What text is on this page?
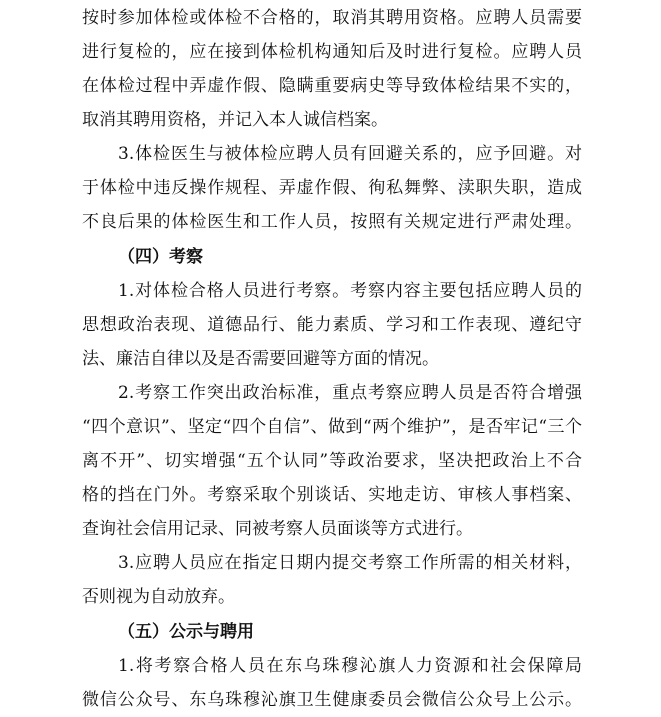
按时参加体检或体检不合格的，取消其聘用资格。应聘人员需要
进行复检的，应在接到体检机构通知后及时进行复检。应聘人员
在体检过程中弄虚作假、隐瞒重要病史等导致体检结果不实的，
取消其聘用资格，并记入本人诚信档案。
3.体检医生与被体检应聘人员有回避关系的，应予回避。对
于体检中违反操作规程、弄虚作假、徇私舞弊、渎职失职，造成
不良后果的体检医生和工作人员，按照有关规定进行严肃处理。
（四）考察
1.对体检合格人员进行考察。考察内容主要包括应聘人员的
思想政治表现、道德品行、能力素质、学习和工作表现、遵纪守
法、廉洁自律以及是否需要回避等方面的情况。
2.考察工作突出政治标准，重点考察应聘人员是否符合增强
“四个意识”、坚定“四个自信”、做到“两个维护”，是否牢记“三个
离不开”、切实增强“五个认同”等政治要求，坚决把政治上不合
格的挡在门外。考察采取个别谈话、实地走访、审核人事档案、
查询社会信用记录、同被考察人员面谈等方式进行。
3.应聘人员应在指定日期内提交考察工作所需的相关材料，
否则视为自动放弃。
（五）公示与聘用
1.将考察合格人员在东乌珠穆沁旗人力资源和社会保障局
微信公众号、东乌珠穆沁旗卫生健康委员会微信公众号上公示。
